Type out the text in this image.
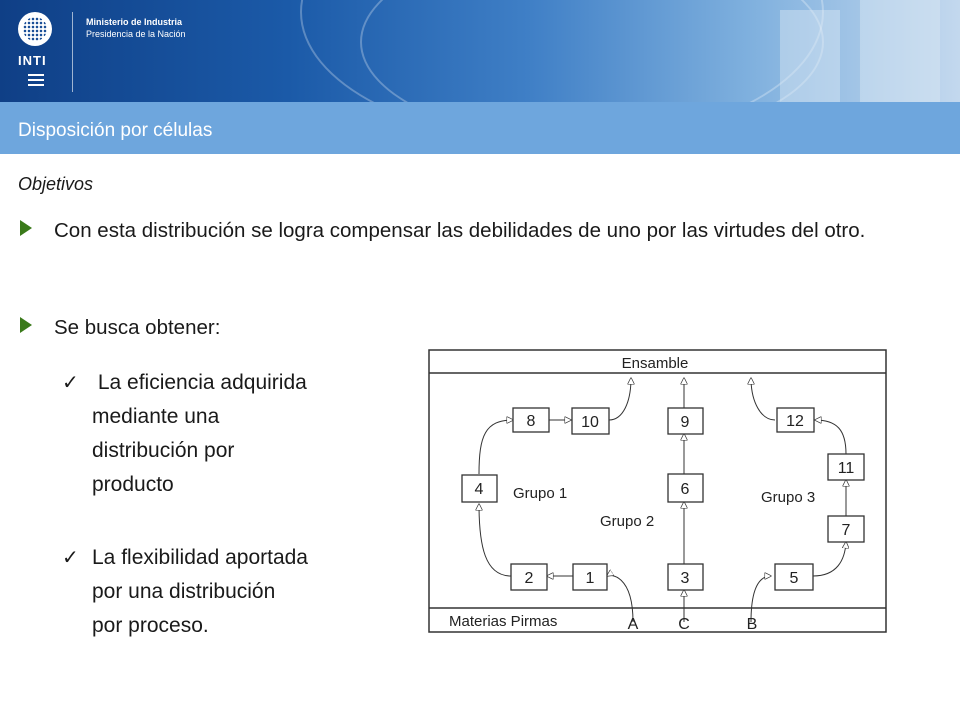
INTI
Ministerio de Industria
Presidencia de la Nación
Disposición por células
Objetivos
Con esta distribución se logra compensar las debilidades de uno por las virtudes del otro.
Se busca obtener:
✓ La eficiencia adquirida
mediante una
distribución por
producto
✓ La flexibilidad aportada
por una distribución
por proceso.
Ensamble
Materias Pirmas
8	10	9	12
4	6
11
7
2	1	3	5
Grupo 1
Grupo 2
Grupo 3
A C	B
